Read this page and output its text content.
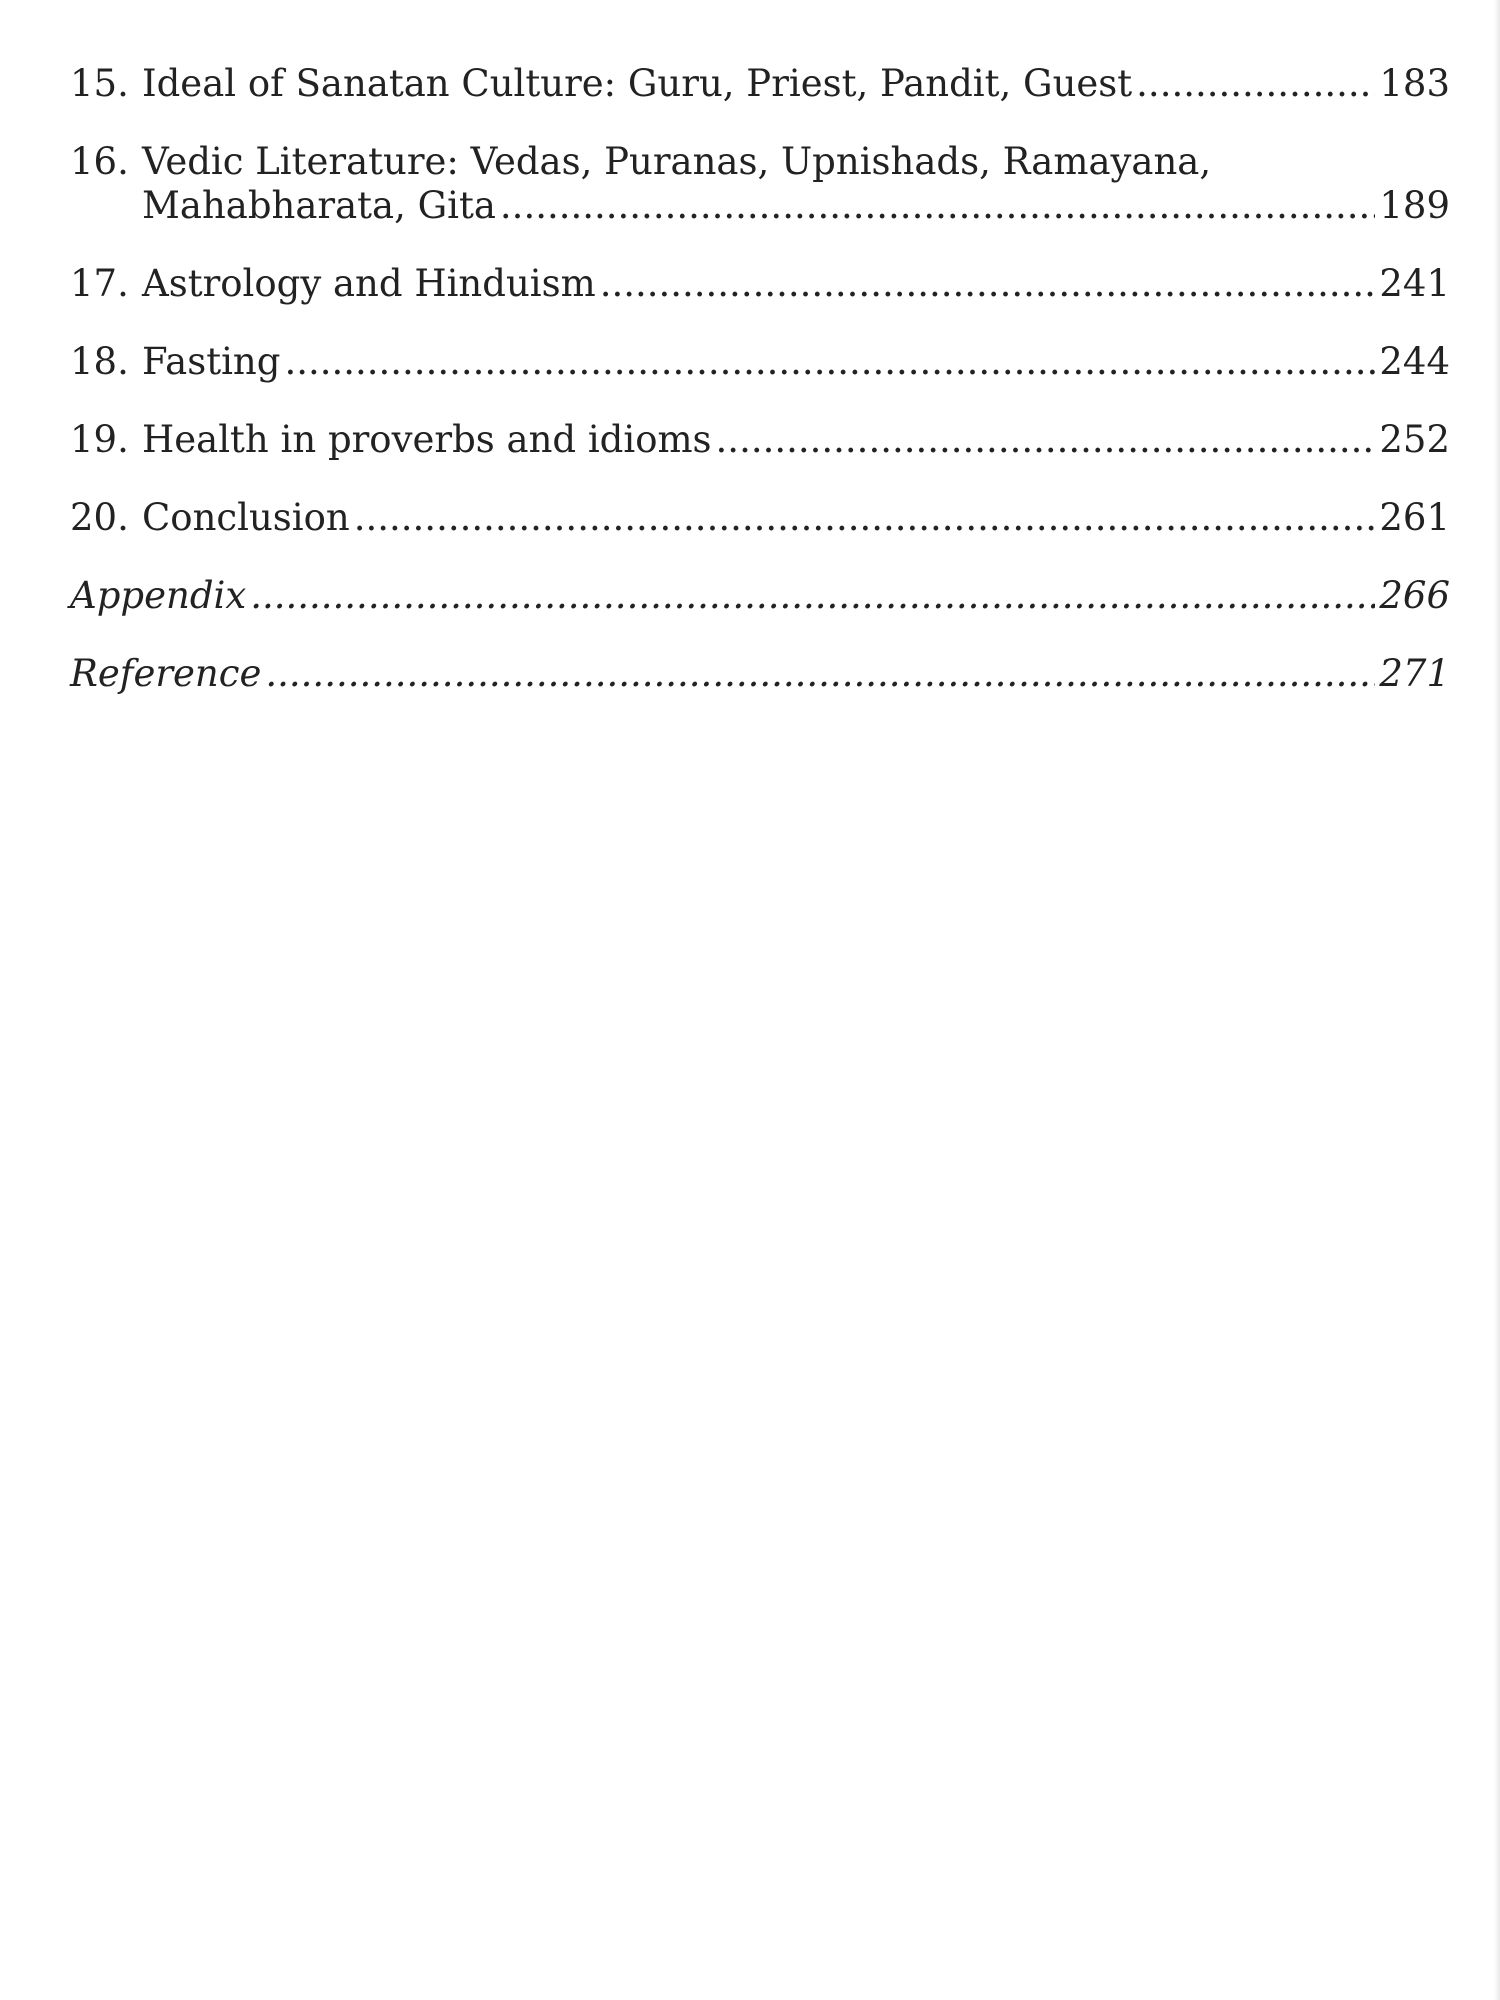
15. Ideal of Sanatan Culture: Guru, Priest, Pandit, Guest .....	183
16. Vedic Literature: Vedas, Puranas, Upnishads, Ramayana,
Mahabharata, Gita .....	189
17. Astrology and Hinduism .....	241
18. Fasting .....	244
19. Health in proverbs and idioms .....	252
20. Conclusion .....	261
Appendix .....	266
Reference .....	271
